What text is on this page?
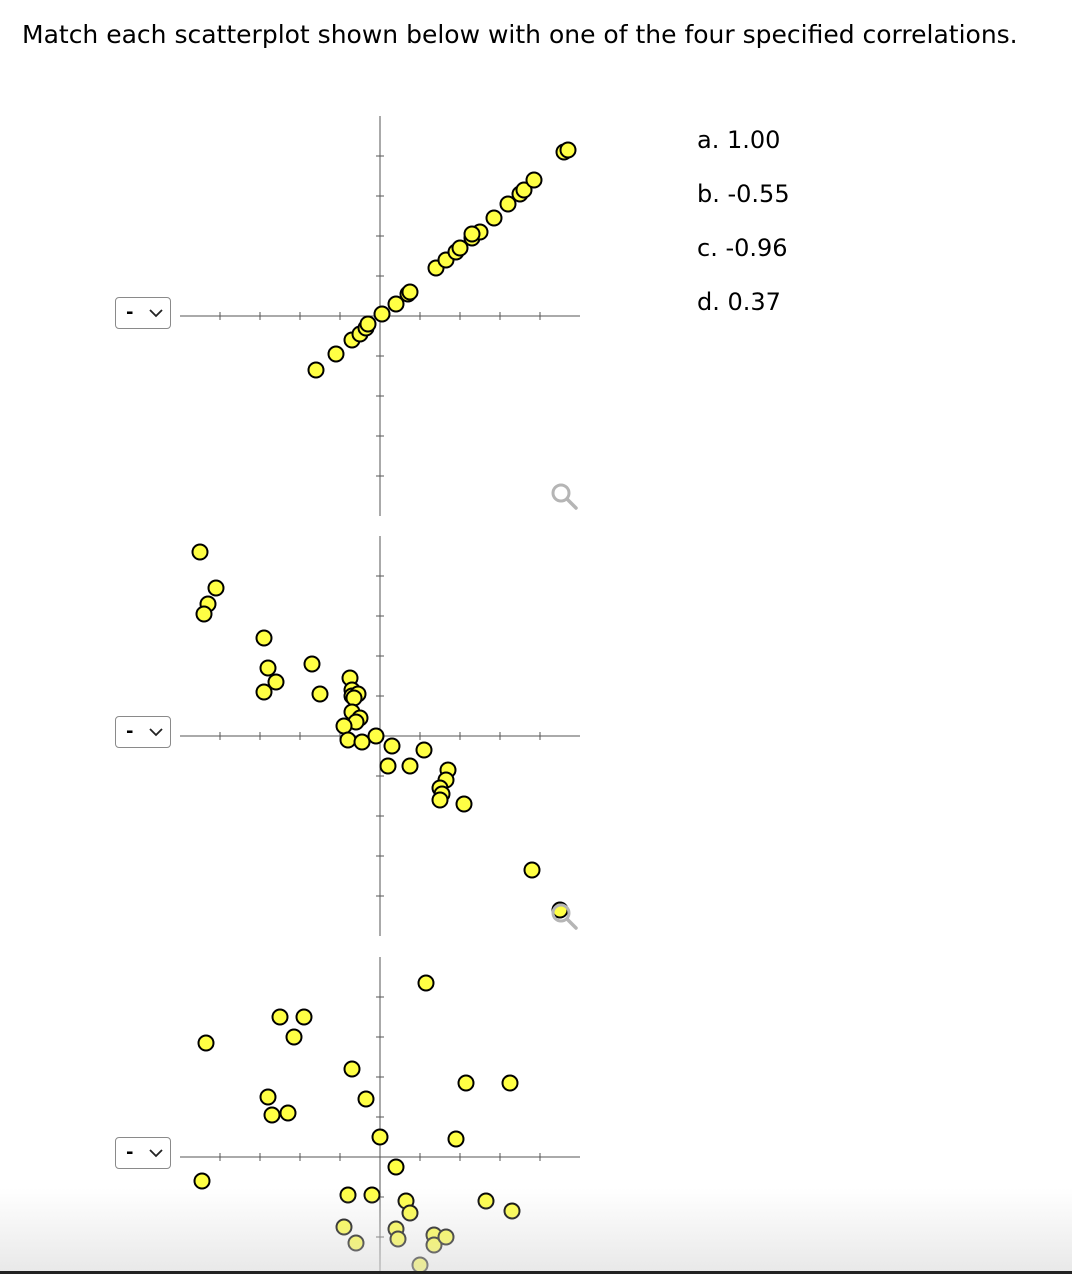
Match each scatterplot shown below with one of the four specified correlations.
-
-
-
a. 1.00
b. -0.55
c. -0.96
d. 0.37
